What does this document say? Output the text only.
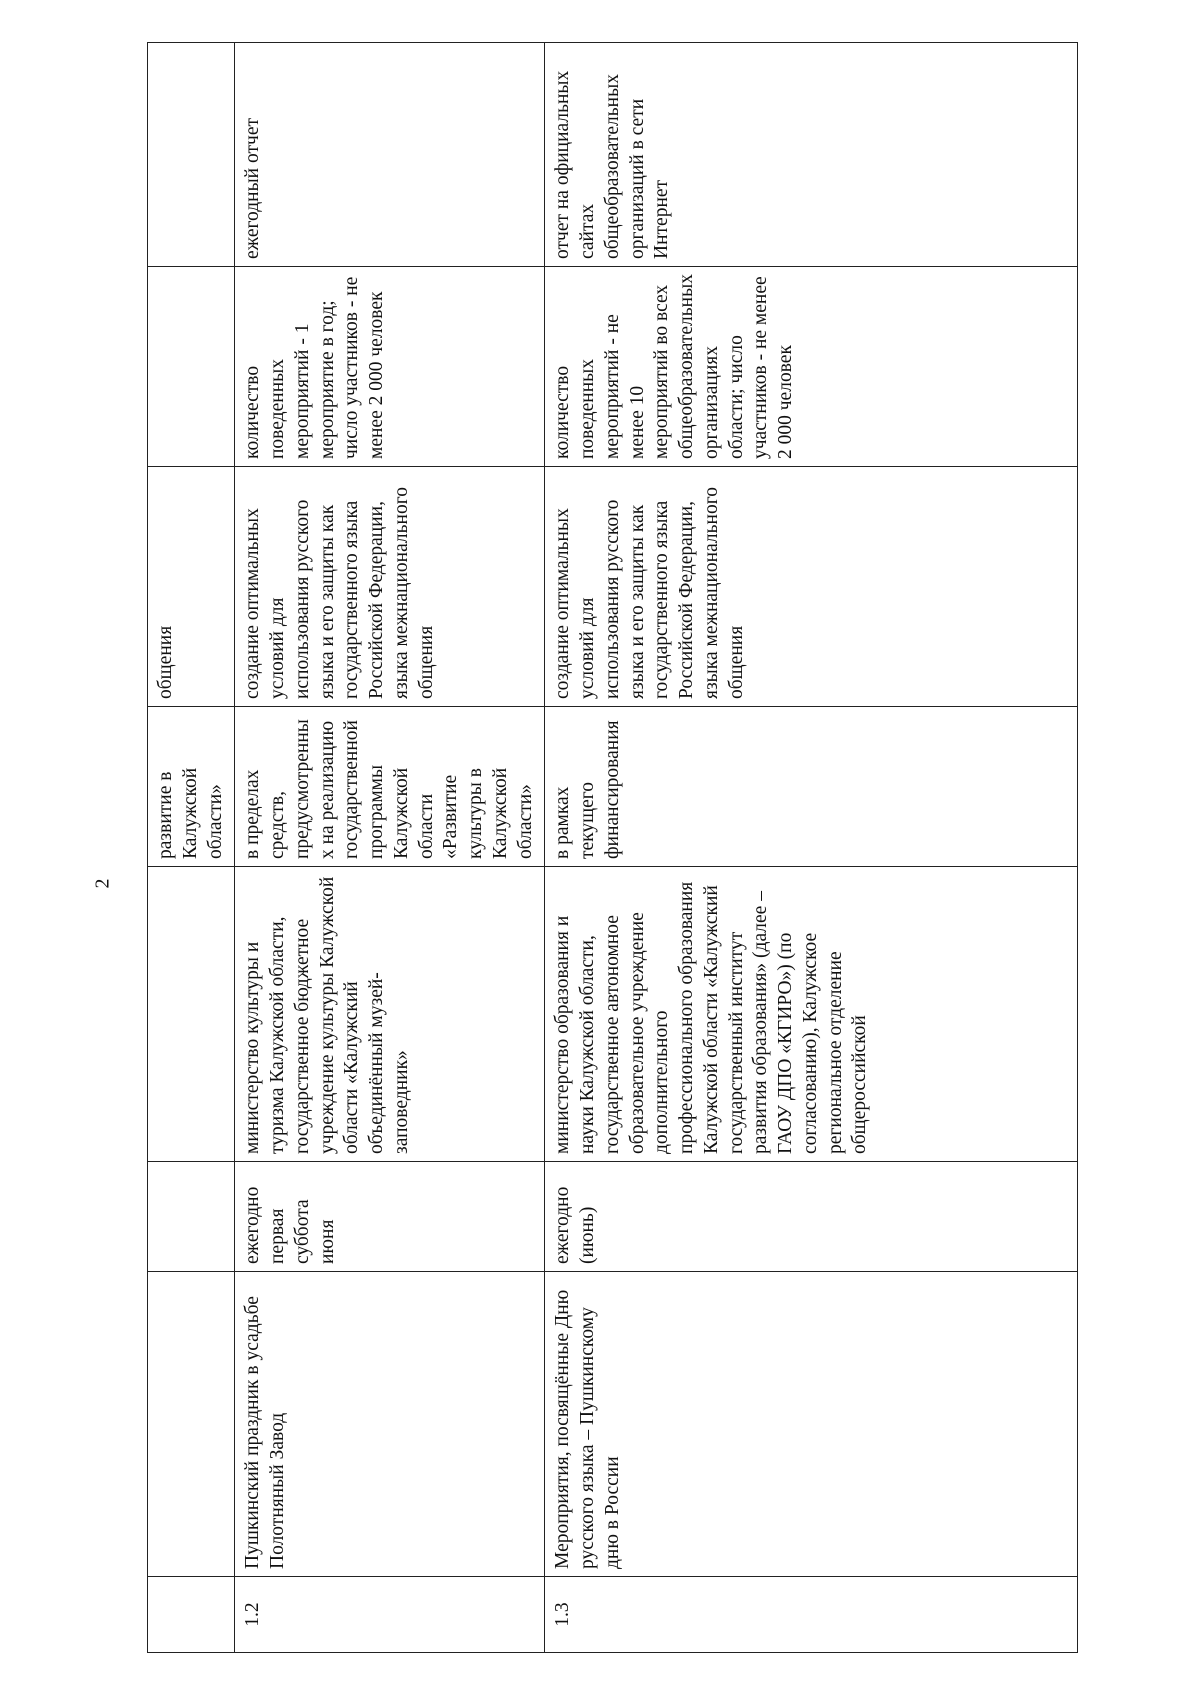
2
				развитие в Калужской области»	общения		
1.2	Пушкинский праздник в усадьбе Полотняный Завод	ежегодно первая суббота июня	министерство культуры и туризма Калужской области, государственное бюджетное учреждение культуры Калужской области «Калужский объединённый музей-заповедник»	в пределах средств, предусмотренных на реализацию государственной программы Калужской области «Развитие культуры в Калужской области»	создание оптимальных условий для использования русского языка и его защиты как государственного языка Российской Федерации, языка межнационального общения	количество поведенных мероприятий - 1 мероприятие в год; число участников - не менее 2 000 человек	ежегодный отчет
1.3	Мероприятия, посвящённые Дню русского языка – Пушкинскому дню в России	ежегодно (июнь)	министерство образования и науки Калужской области, государственное автономное образовательное учреждение дополнительного профессионального образования Калужской области «Калужский государственный институт развития образования» (далее – ГАОУ ДПО «КГИРО») (по согласованию), Калужское региональное отделение общероссийской	в рамках текущего финансирования	создание оптимальных условий для использования русского языка и его защиты как государственного языка Российской Федерации, языка межнационального общения	количество поведенных мероприятий - не менее 10 мероприятий во всех общеобразовательных организациях области; число участников - не менее 2 000 человек	отчет на официальных сайтах общеобразовательных организаций в сети Интернет
